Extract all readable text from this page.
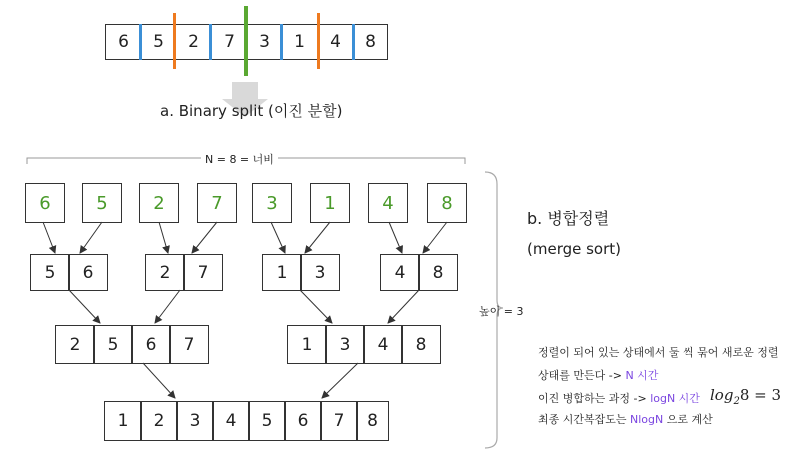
6	5	2	7	3	1	4	8
a. Binary split (이진 분할)
N = 8 = 너비
높이 = 3
b. 병합정렬
(merge sort)
6	5	2	7	3	1	4	8
5	6	2	7	1	3	4	8
2	5	6	7	1	3	4	8
1	2	3	4	5	6	7	8
정렬이 되어 있는 상태에서 둘 씩 묶어 새로운 정렬
상태를 만든다 -> N 시간
이진 병합하는 과정 -> logN 시간 $\log_28 = 3$
최종 시간복잡도는 NlogN 으로 계산
